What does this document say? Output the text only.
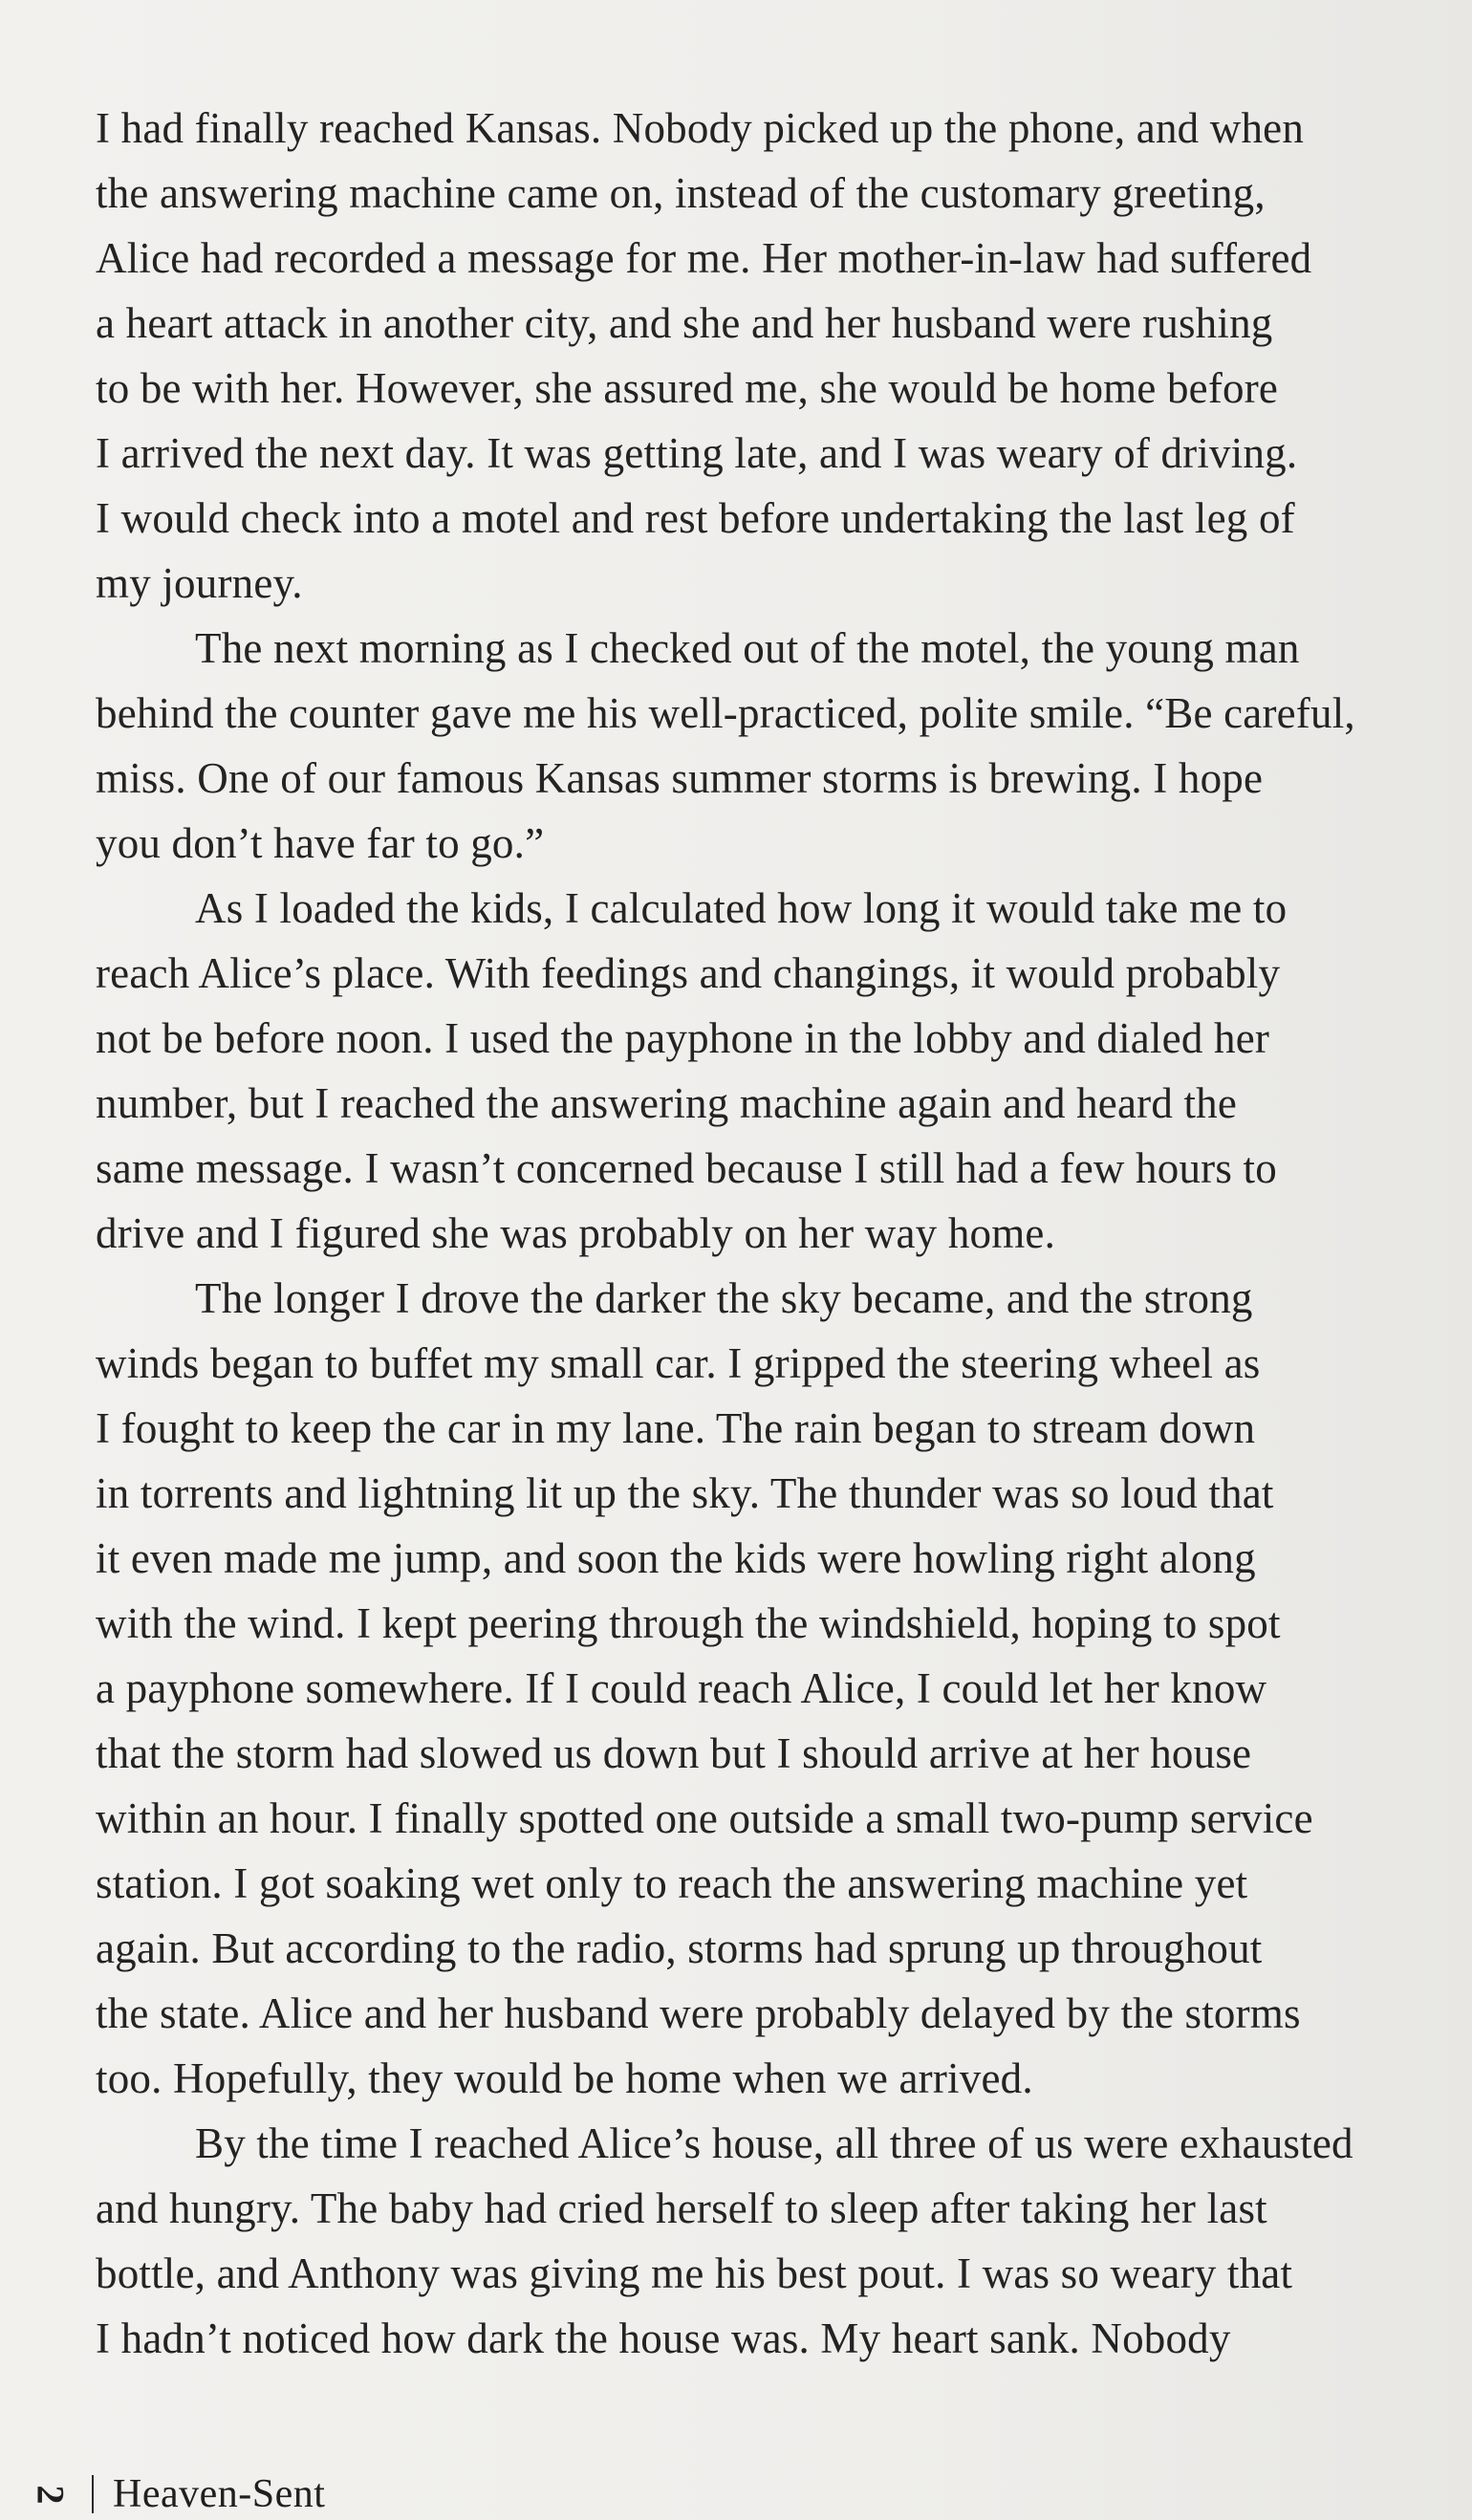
I had finally reached Kansas. Nobody picked up the phone, and when
the answering machine came on, instead of the customary greeting,
Alice had recorded a message for me. Her mother-in-law had suffered
a heart attack in another city, and she and her husband were rushing
to be with her. However, she assured me, she would be home before
I arrived the next day. It was getting late, and I was weary of driving.
I would check into a motel and rest before undertaking the last leg of
my journey.
The next morning as I checked out of the motel, the young man
behind the counter gave me his well-practiced, polite smile. “Be careful,
miss. One of our famous Kansas summer storms is brewing. I hope
you don’t have far to go.”
As I loaded the kids, I calculated how long it would take me to
reach Alice’s place. With feedings and changings, it would probably
not be before noon. I used the payphone in the lobby and dialed her
number, but I reached the answering machine again and heard the
same message. I wasn’t concerned because I still had a few hours to
drive and I figured she was probably on her way home.
The longer I drove the darker the sky became, and the strong
winds began to buffet my small car. I gripped the steering wheel as
I fought to keep the car in my lane. The rain began to stream down
in torrents and lightning lit up the sky. The thunder was so loud that
it even made me jump, and soon the kids were howling right along
with the wind. I kept peering through the windshield, hoping to spot
a payphone somewhere. If I could reach Alice, I could let her know
that the storm had slowed us down but I should arrive at her house
within an hour. I finally spotted one outside a small two-pump service
station. I got soaking wet only to reach the answering machine yet
again. But according to the radio, storms had sprung up throughout
the state. Alice and her husband were probably delayed by the storms
too. Hopefully, they would be home when we arrived.
By the time I reached Alice’s house, all three of us were exhausted
and hungry. The baby had cried herself to sleep after taking her last
bottle, and Anthony was giving me his best pout. I was so weary that
I hadn’t noticed how dark the house was. My heart sank. Nobody
2 Heaven-Sent
